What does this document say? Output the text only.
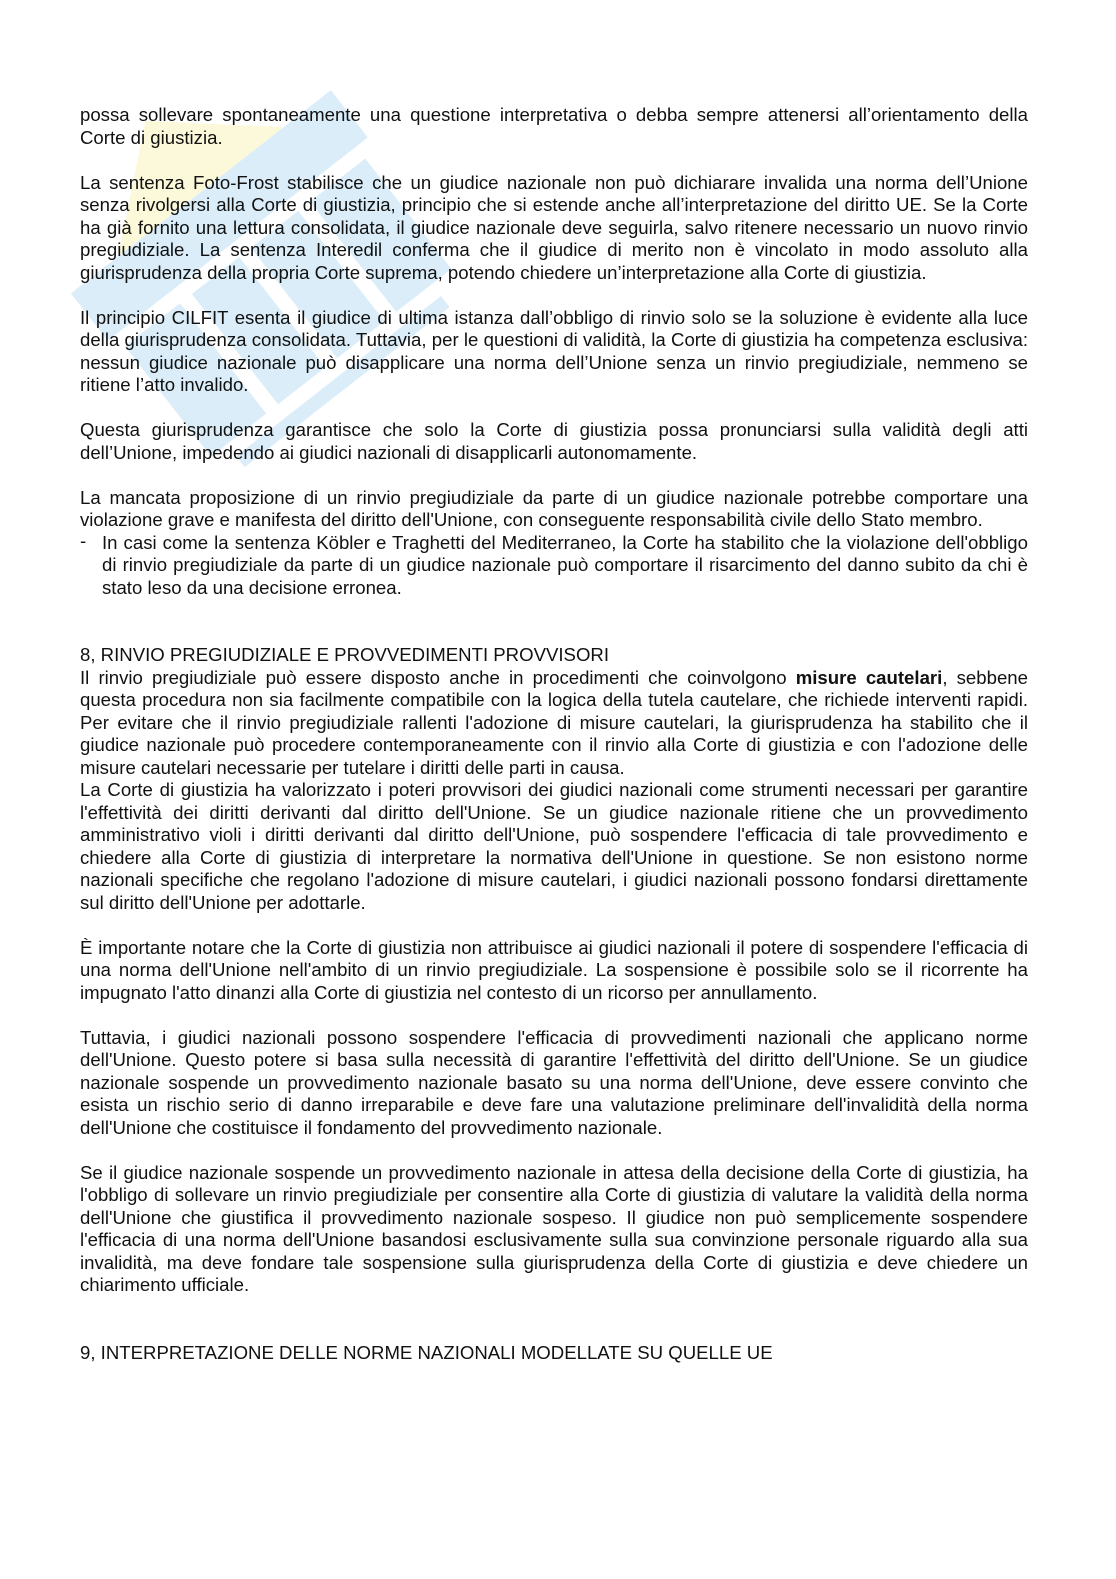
possa sollevare spontaneamente una questione interpretativa o debba sempre attenersi all’orientamento della Corte di giustizia.

La sentenza Foto-Frost stabilisce che un giudice nazionale non può dichiarare invalida una norma dell’Unione senza rivolgersi alla Corte di giustizia, principio che si estende anche all’interpretazione del diritto UE. Se la Corte ha già fornito una lettura consolidata, il giudice nazionale deve seguirla, salvo ritenere necessario un nuovo rinvio pregiudiziale. La sentenza Interedil conferma che il giudice di merito non è vincolato in modo assoluto alla giurisprudenza della propria Corte suprema, potendo chiedere un’interpretazione alla Corte di giustizia.

Il principio CILFIT esenta il giudice di ultima istanza dall’obbligo di rinvio solo se la soluzione è evidente alla luce della giurisprudenza consolidata. Tuttavia, per le questioni di validità, la Corte di giustizia ha competenza esclusiva: nessun giudice nazionale può disapplicare una norma dell’Unione senza un rinvio pregiudiziale, nemmeno se ritiene l’atto invalido.

Questa giurisprudenza garantisce che solo la Corte di giustizia possa pronunciarsi sulla validità degli atti dell’Unione, impedendo ai giudici nazionali di disapplicarli autonomamente.

La mancata proposizione di un rinvio pregiudiziale da parte di un giudice nazionale potrebbe comportare una violazione grave e manifesta del diritto dell'Unione, con conseguente responsabilità civile dello Stato membro.

- In casi come la sentenza Köbler e Traghetti del Mediterraneo, la Corte ha stabilito che la violazione dell'obbligo di rinvio pregiudiziale da parte di un giudice nazionale può comportare il risarcimento del danno subito da chi è stato leso da una decisione erronea.
8, RINVIO PREGIUDIZIALE E PROVVEDIMENTI PROVVISORI

Il rinvio pregiudiziale può essere disposto anche in procedimenti che coinvolgono misure cautelari, sebbene questa procedura non sia facilmente compatibile con la logica della tutela cautelare, che richiede interventi rapidi. Per evitare che il rinvio pregiudiziale rallenti l'adozione di misure cautelari, la giurisprudenza ha stabilito che il giudice nazionale può procedere contemporaneamente con il rinvio alla Corte di giustizia e con l'adozione delle misure cautelari necessarie per tutelare i diritti delle parti in causa.

La Corte di giustizia ha valorizzato i poteri provvisori dei giudici nazionali come strumenti necessari per garantire l'effettività dei diritti derivanti dal diritto dell'Unione. Se un giudice nazionale ritiene che un provvedimento amministrativo violi i diritti derivanti dal diritto dell'Unione, può sospendere l'efficacia di tale provvedimento e chiedere alla Corte di giustizia di interpretare la normativa dell'Unione in questione. Se non esistono norme nazionali specifiche che regolano l'adozione di misure cautelari, i giudici nazionali possono fondarsi direttamente sul diritto dell'Unione per adottarle.

È importante notare che la Corte di giustizia non attribuisce ai giudici nazionali il potere di sospendere l'efficacia di una norma dell'Unione nell'ambito di un rinvio pregiudiziale. La sospensione è possibile solo se il ricorrente ha impugnato l'atto dinanzi alla Corte di giustizia nel contesto di un ricorso per annullamento.

Tuttavia, i giudici nazionali possono sospendere l'efficacia di provvedimenti nazionali che applicano norme dell'Unione. Questo potere si basa sulla necessità di garantire l'effettività del diritto dell'Unione. Se un giudice nazionale sospende un provvedimento nazionale basato su una norma dell'Unione, deve essere convinto che esista un rischio serio di danno irreparabile e deve fare una valutazione preliminare dell'invalidità della norma dell'Unione che costituisce il fondamento del provvedimento nazionale.

Se il giudice nazionale sospende un provvedimento nazionale in attesa della decisione della Corte di giustizia, ha l'obbligo di sollevare un rinvio pregiudiziale per consentire alla Corte di giustizia di valutare la validità della norma dell'Unione che giustifica il provvedimento nazionale sospeso. Il giudice non può semplicemente sospendere l'efficacia di una norma dell'Unione basandosi esclusivamente sulla sua convinzione personale riguardo alla sua invalidità, ma deve fondare tale sospensione sulla giurisprudenza della Corte di giustizia e deve chiedere un chiarimento ufficiale.

9, INTERPRETAZIONE DELLE NORME NAZIONALI MODELLATE SU QUELLE UE
